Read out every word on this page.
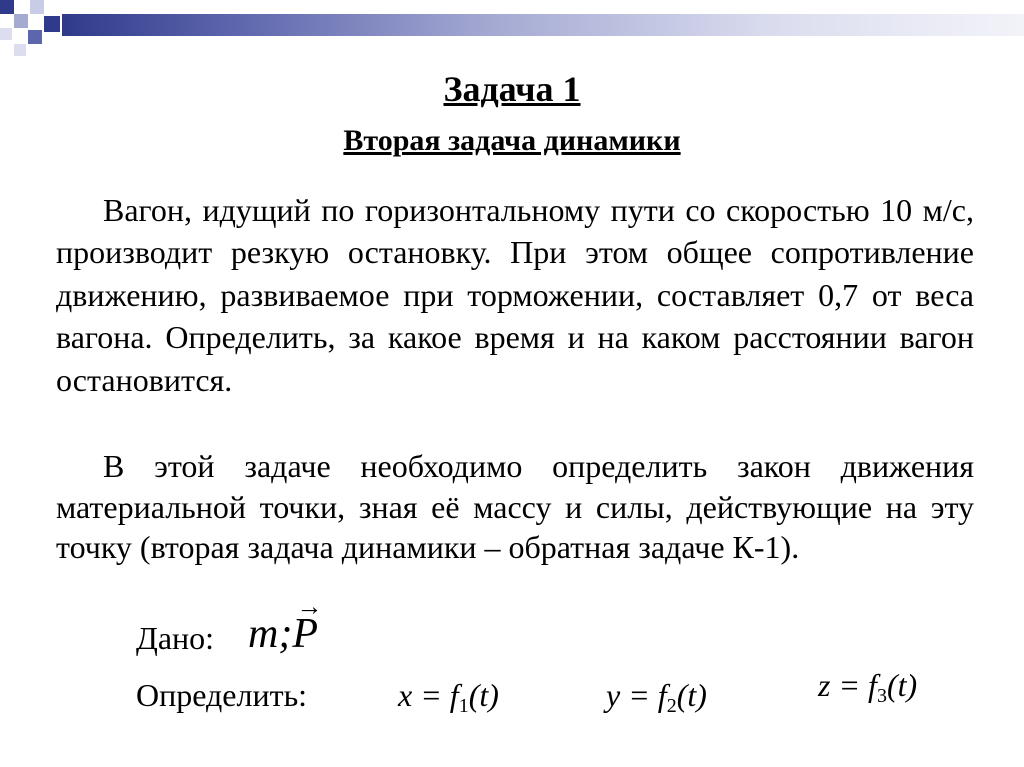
Задача 1
Вторая задача динамики

Вагон, идущий по горизонтальному пути со скоростью 10 м/с, производит резкую остановку. При этом общее сопротивление движению, развиваемое при торможении, составляет 0,7 от веса вагона. Определить, за какое время и на каком расстоянии вагон остановится.

В этой задаче необходимо определить закон движения материальной точки, зная её массу и силы, действующие на эту точку (вторая задача динамики – обратная задаче К-1).

Дано: m;
→
P
Определить:	$x = f_1(t)$	$y = f_2(t)$	$z = f_3(t)$
